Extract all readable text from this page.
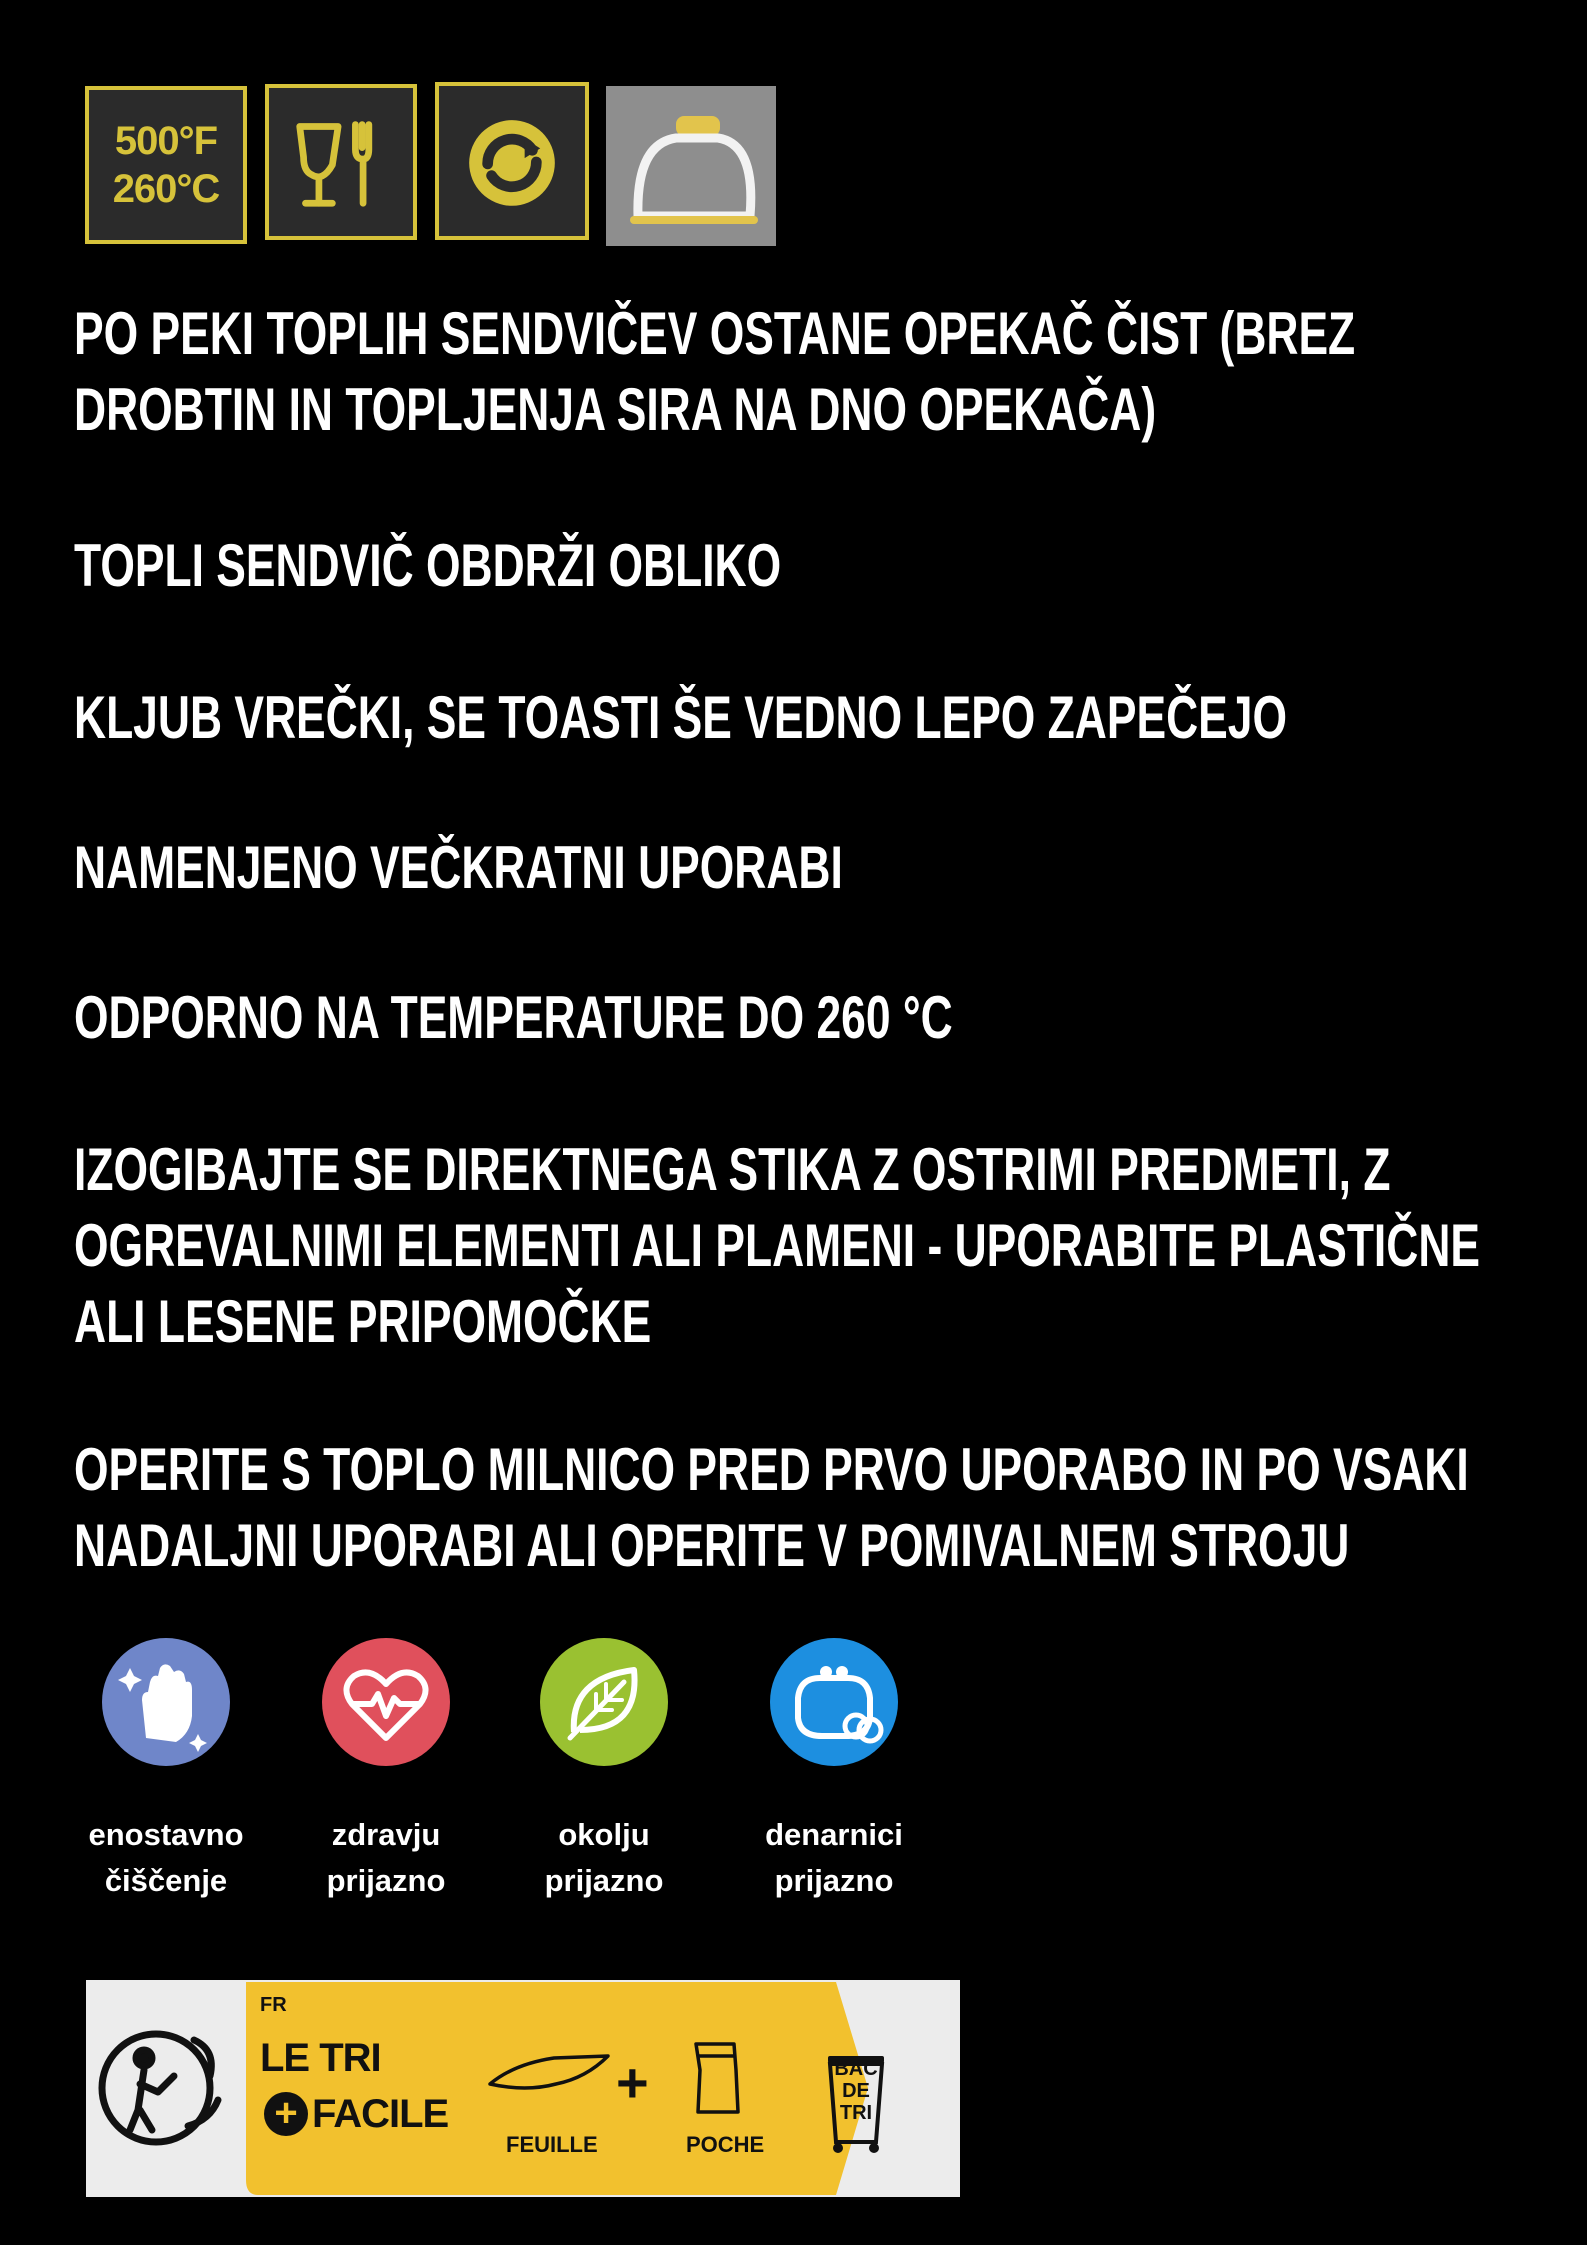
500°F
260°C

PO PEKI TOPLIH SENDVIČEV OSTANE OPEKAČ ČIST (BREZ
DROBTIN IN TOPLJENJA SIRA NA DNO OPEKAČA)

TOPLI SENDVIČ OBDRŽI OBLIKO

KLJUB VREČKI, SE TOASTI ŠE VEDNO LEPO ZAPEČEJO

NAMENJENO VEČKRATNI UPORABI

ODPORNO NA TEMPERATURE DO 260 °C

IZOGIBAJTE SE DIREKTNEGA STIKA Z OSTRIMI PREDMETI, Z
OGREVALNIMI ELEMENTI ALI PLAMENI - UPORABITE PLASTIČNE
ALI LESENE PRIPOMOČKE

OPERITE S TOPLO MILNICO PRED PRVO UPORABO IN PO VSAKI
NADALJNI UPORABI ALI OPERITE V POMIVALNEM STROJU

enostavno
čiščenje
zdravju
prijazno
okolju
prijazno
denarnici
prijazno
FR
LE TRI
+ FACILE	+
FEUILLE	POCHE
BAC
DE
TRI
